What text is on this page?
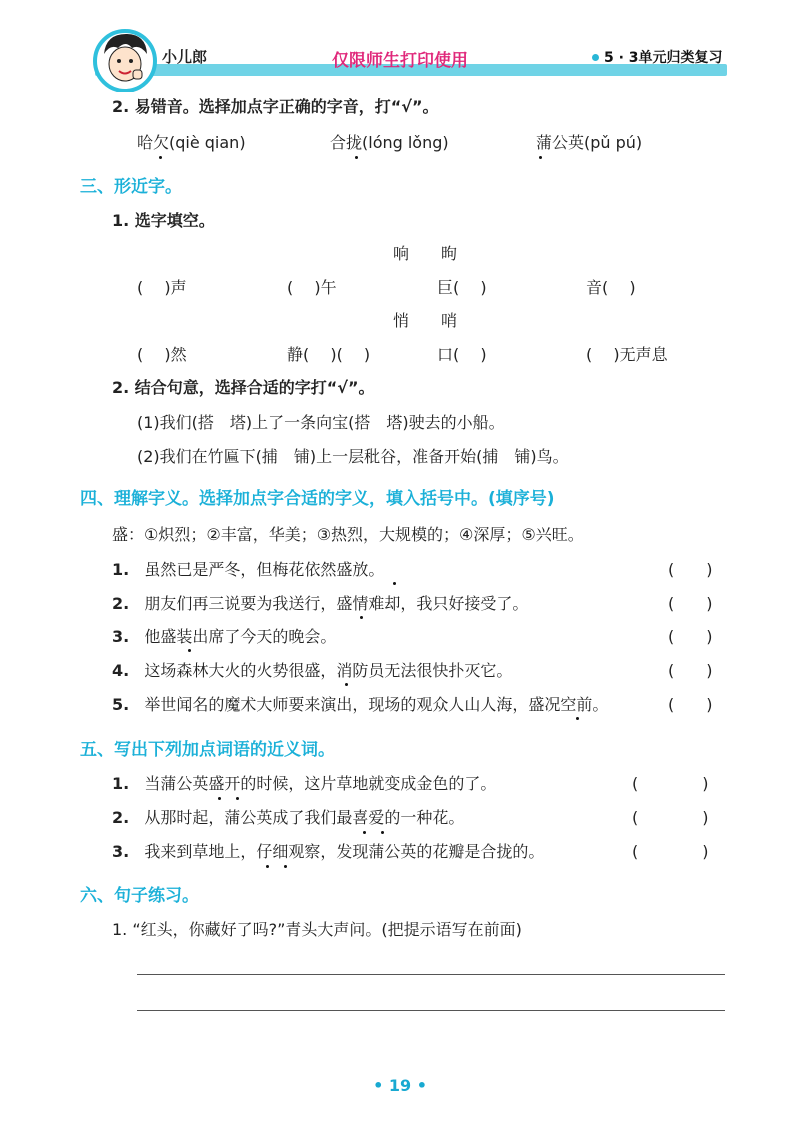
小儿郎	仅限师生打印使用	5 · 3单元归类复习
2. 易错音。选择加点字正确的字音，打“√”。
哈欠(qiè qian)	合拢(lóng lǒng)	蒲公英(pǔ pú)
三、形近字。
1. 选字填空。
响　　昫
(　 )声	(　 )午	巨(　 )	音(　 )
悄　　哨
(　 )然	静(　 )(　 )	口(　 )	(　 )无声息
2. 结合句意，选择合适的字打“√”。
(1)我们(搭　塔)上了一条向宝(搭　塔)驶去的小船。
(2)我们在竹匾下(捕　铺)上一层秕谷，准备开始(捕　铺)鸟。
四、理解字义。选择加点字合适的字义，填入括号中。(填序号)
盛：①炽烈；②丰富，华美；③热烈，大规模的；④深厚；⑤兴旺。
1. 虽然已是严冬，但梅花依然盛放。	(　　)
2. 朋友们再三说要为我送行，盛情难却，我只好接受了。	(　　)
3. 他盛装出席了今天的晚会。	(　　)
4. 这场森林大火的火势很盛，消防员无法很快扑灭它。	(　　)
5. 举世闻名的魔术大师要来演出，现场的观众人山人海，盛况空前。	(　　)
五、写出下列加点词语的近义词。
1. 当蒲公英盛开的时候，这片草地就变成金色的了。	(　　　　)
2. 从那时起，蒲公英成了我们最喜爱的一种花。	(　　　　)
3. 我来到草地上，仔细观察，发现蒲公英的花瓣是合拢的。	(　　　　)
六、句子练习。
1. “红头，你藏好了吗?”青头大声问。(把提示语写在前面)
• 19 •
